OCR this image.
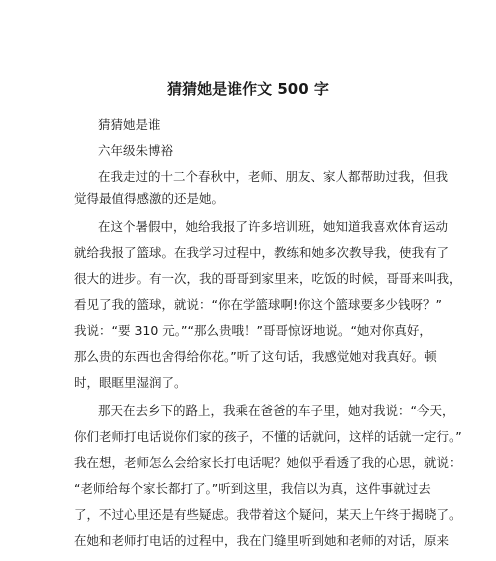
猜猜她是谁作文 500 字
猜猜她是谁
六年级朱博裕
在我走过的十二个春秋中，老师、朋友、家人都帮助过我，但我
觉得最值得感激的还是她。
在这个暑假中，她给我报了许多培训班，她知道我喜欢体育运动
就给我报了篮球。在我学习过程中，教练和她多次教导我，使我有了
很大的进步。有一次，我的哥哥到家里来，吃饭的时候，哥哥来叫我，
看见了我的篮球，就说：“你在学篮球啊!你这个篮球要多少钱呀？”
我说：“要 310 元。”“那么贵哦！”哥哥惊讶地说。“她对你真好，
那么贵的东西也舍得给你花。”听了这句话，我感觉她对我真好。顿
时，眼眶里湿润了。
那天在去乡下的路上，我乘在爸爸的车子里，她对我说：“今天，
你们老师打电话说你们家的孩子，不懂的话就问，这样的话就一定行。”
我在想，老师怎么会给家长打电话呢？她似乎看透了我的心思，就说：
“老师给每个家长都打了。”听到这里，我信以为真，这件事就过去
了，不过心里还是有些疑虑。我带着这个疑问，某天上午终于揭晓了。
在她和老师打电话的过程中，我在门缝里听到她和老师的对话，原来
